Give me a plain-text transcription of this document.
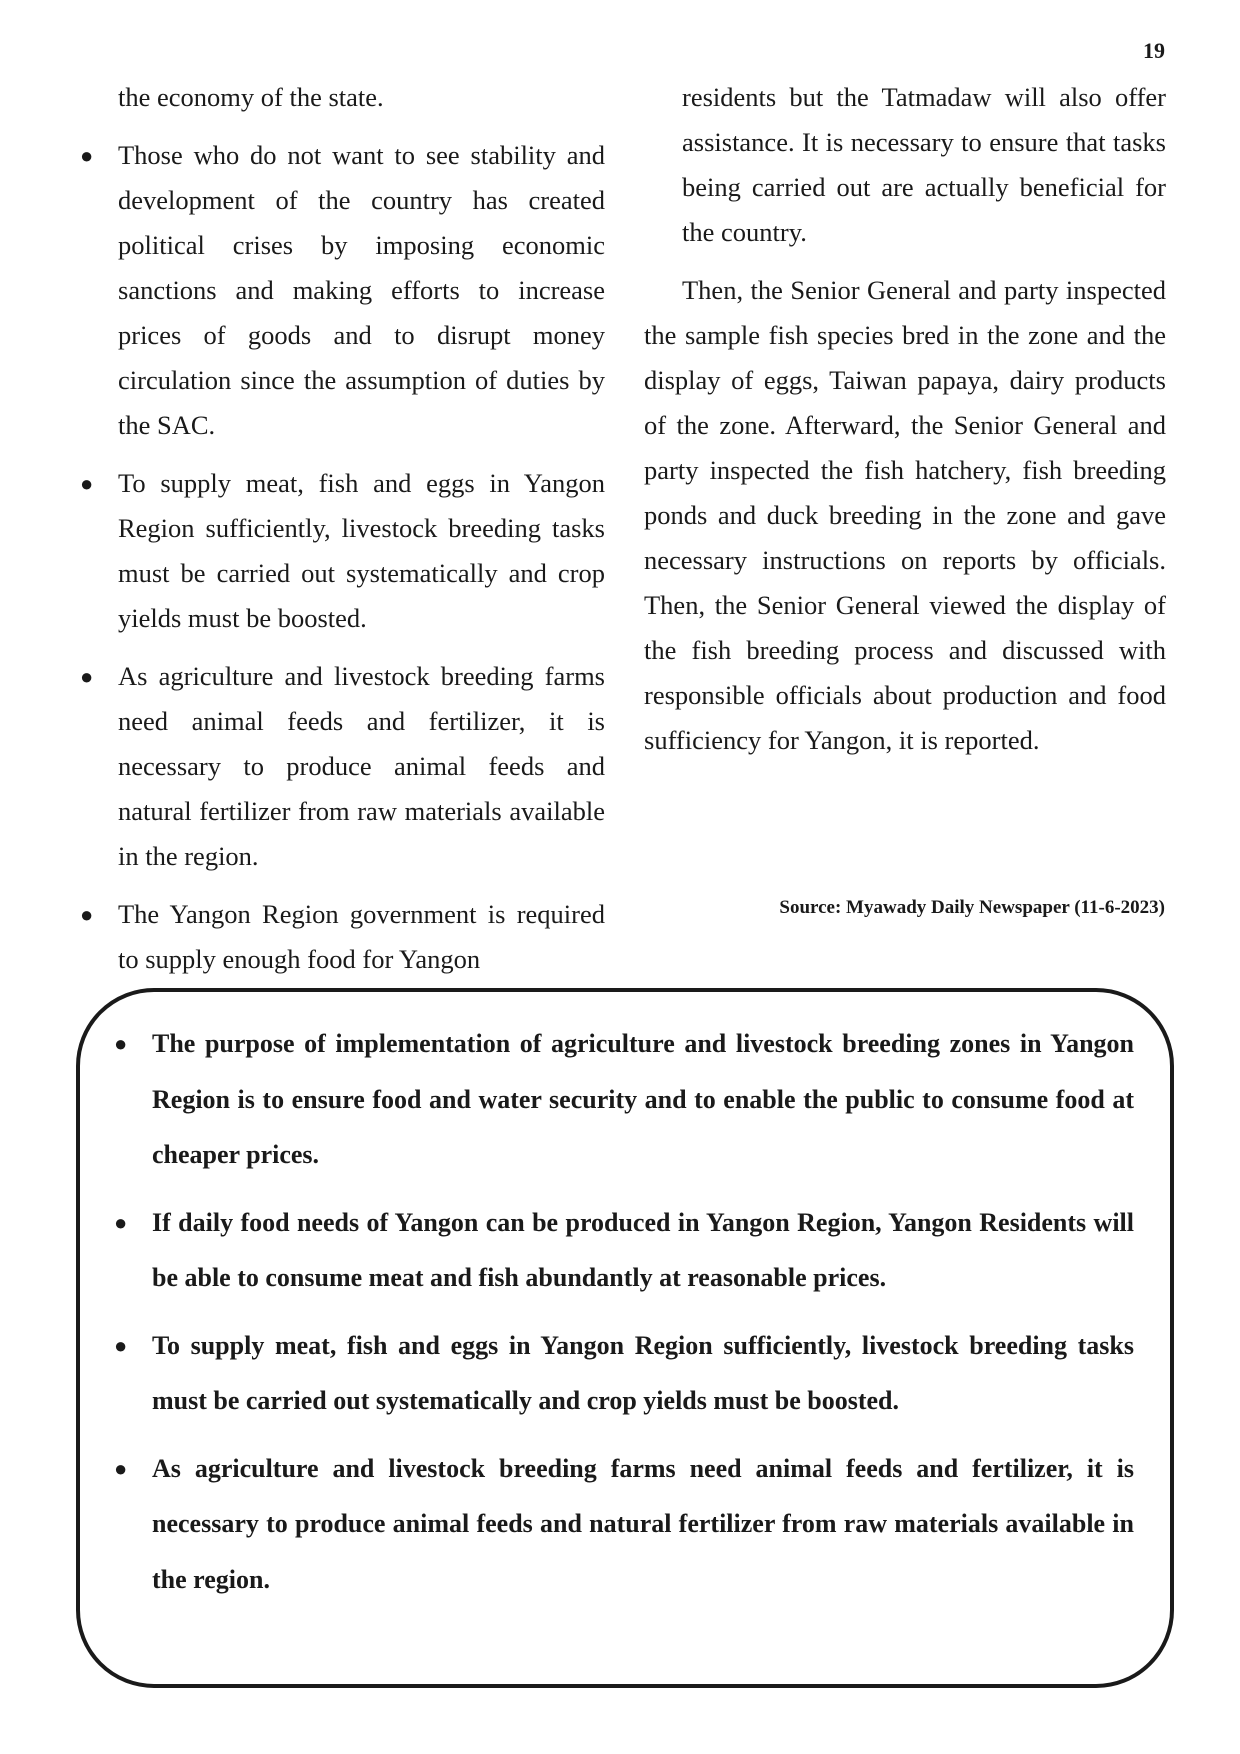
19

the economy of the state.

● Those who do not want to see stability and development of the country has created political crises by imposing economic sanctions and making efforts to increase prices of goods and to disrupt money circulation since the assumption of duties by the SAC.
● To supply meat, fish and eggs in Yangon Region sufficiently, livestock breeding tasks must be carried out systematically and crop yields must be boosted.
● As agriculture and livestock breeding farms need animal feeds and fertilizer, it is necessary to produce animal feeds and natural fertilizer from raw materials available in the region.
● The Yangon Region government is required to supply enough food for Yangon

residents but the Tatmadaw will also offer assistance. It is necessary to ensure that tasks being carried out are actually beneficial for the country.

Then, the Senior General and party inspected the sample fish species bred in the zone and the display of eggs, Taiwan papaya, dairy products of the zone. Afterward, the Senior General and party inspected the fish hatchery, fish breeding ponds and duck breeding in the zone and gave necessary instructions on reports by officials. Then, the Senior General viewed the display of the fish breeding process and discussed with responsible officials about production and food sufficiency for Yangon, it is reported.

Source: Myawady Daily Newspaper (11-6-2023)
● The purpose of implementation of agriculture and livestock breeding zones in Yangon Region is to ensure food and water security and to enable the public to consume food at cheaper prices.
● If daily food needs of Yangon can be produced in Yangon Region, Yangon Residents will be able to consume meat and fish abundantly at reasonable prices.
● To supply meat, fish and eggs in Yangon Region sufficiently, livestock breeding tasks must be carried out systematically and crop yields must be boosted.
● As agriculture and livestock breeding farms need animal feeds and fertilizer, it is necessary to produce animal feeds and natural fertilizer from raw materials available in the region.
